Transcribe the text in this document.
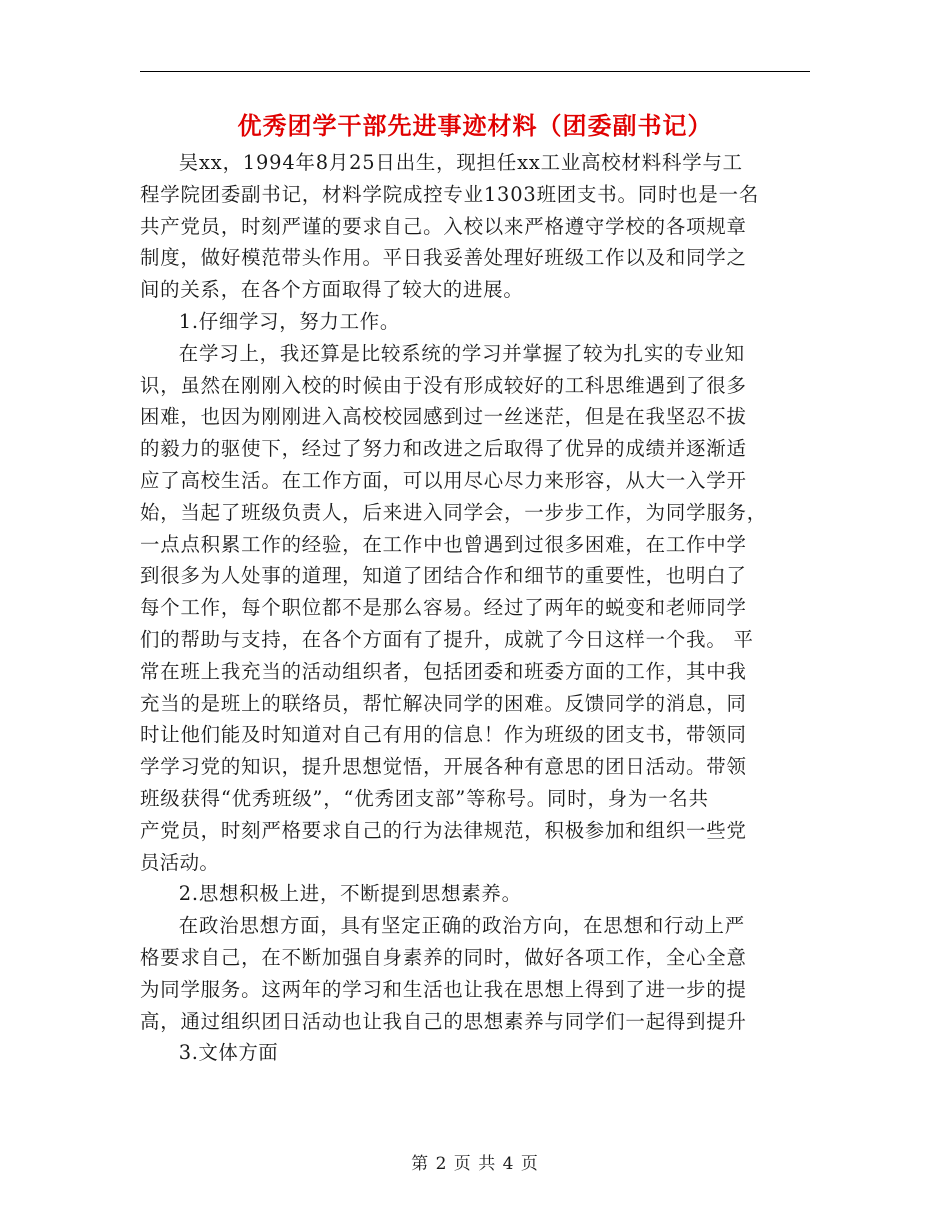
优秀团学干部先进事迹材料（团委副书记）
吴xx，1994年8月25日出生，现担任xx工业高校材料科学与工
程学院团委副书记，材料学院成控专业1303班团支书。同时也是一名
共产党员，时刻严谨的要求自己。入校以来严格遵守学校的各项规章
制度，做好模范带头作用。平日我妥善处理好班级工作以及和同学之
间的关系，在各个方面取得了较大的进展。
1.仔细学习，努力工作。
在学习上，我还算是比较系统的学习并掌握了较为扎实的专业知
识，虽然在刚刚入校的时候由于没有形成较好的工科思维遇到了很多
困难，也因为刚刚进入高校校园感到过一丝迷茫，但是在我坚忍不拔
的毅力的驱使下，经过了努力和改进之后取得了优异的成绩并逐渐适
应了高校生活。在工作方面，可以用尽心尽力来形容，从大一入学开
始，当起了班级负责人，后来进入同学会，一步步工作，为同学服务，
一点点积累工作的经验，在工作中也曾遇到过很多困难，在工作中学
到很多为人处事的道理，知道了团结合作和细节的重要性，也明白了
每个工作，每个职位都不是那么容易。经过了两年的蜕变和老师同学
们的帮助与支持，在各个方面有了提升，成就了今日这样一个我。 平
常在班上我充当的活动组织者，包括团委和班委方面的工作，其中我
充当的是班上的联络员，帮忙解决同学的困难。反馈同学的消息，同
时让他们能及时知道对自己有用的信息！作为班级的团支书，带领同
学学习党的知识，提升思想觉悟，开展各种有意思的团日活动。带领
班级获得“优秀班级”，“优秀团支部”等称号。同时，身为一名共
产党员，时刻严格要求自己的行为法律规范，积极参加和组织一些党
员活动。
2.思想积极上进，不断提到思想素养。
在政治思想方面，具有坚定正确的政治方向，在思想和行动上严
格要求自己，在不断加强自身素养的同时，做好各项工作，全心全意
为同学服务。这两年的学习和生活也让我在思想上得到了进一步的提
高，通过组织团日活动也让我自己的思想素养与同学们一起得到提升
3.文体方面
第 2 页 共 4 页
